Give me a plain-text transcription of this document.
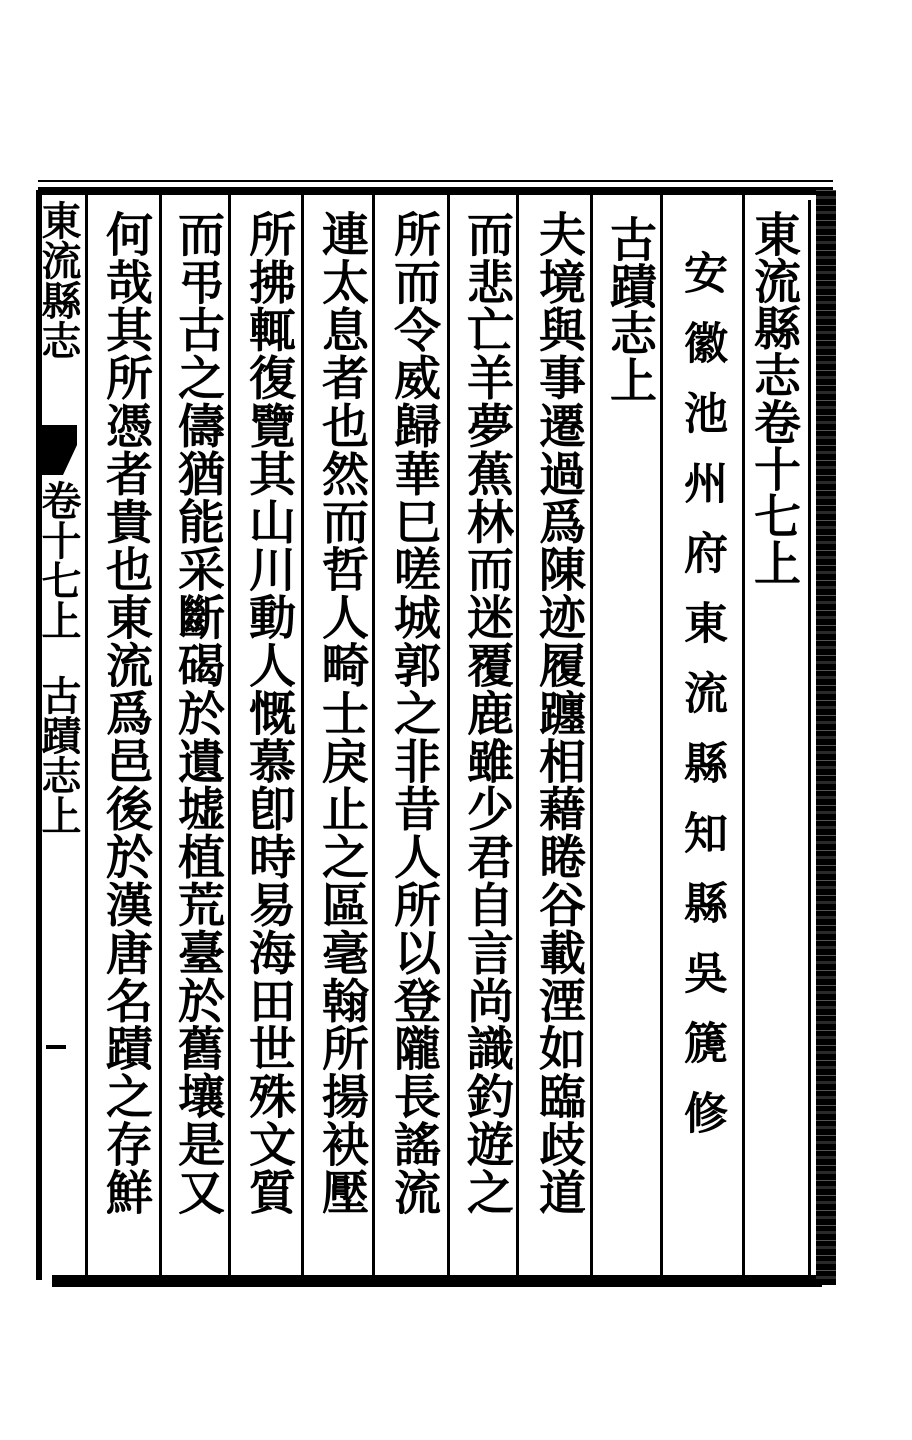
東流縣志
卷十七上
古蹟志上
東流縣志卷十七上
安徽池州府東流縣知縣吳篪修
古蹟志上
夫境與事遷過爲陳迹履躔相藉睠谷載湮如臨歧道
而悲亡羊夢蕉林而迷覆鹿雖少君自言尚識釣遊之
所而令威歸華巳嗟城郭之非昔人所以登隴長謠流
連太息者也然而哲人畸士戾止之區毫翰所揚袂壓
所拂輒復覽其山川動人慨慕卽時易海田世殊文質
而弔古之儔猶能采斷碣於遺墟植荒臺於舊壤是又
何哉其所憑者貴也東流爲邑後於漢唐名蹟之存鮮
